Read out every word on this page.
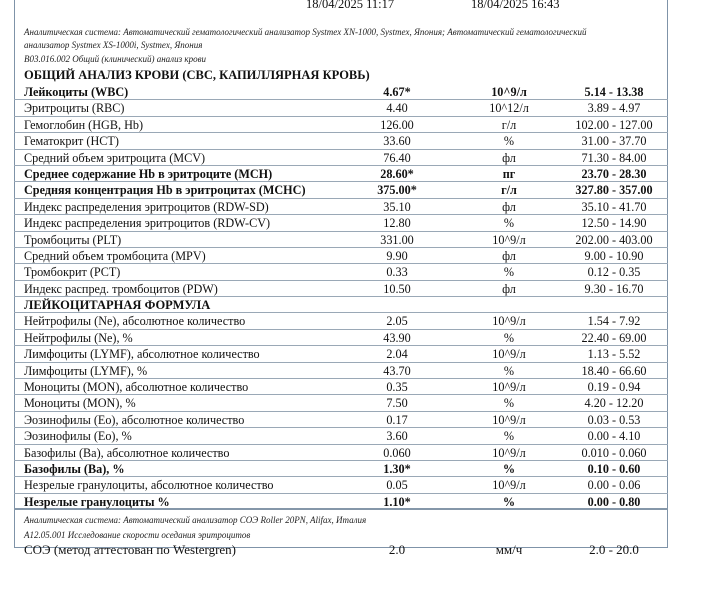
18/04/2025 11:17	18/04/2025 16:43
Аналитическая система: Автоматический гематологический анализатор Systmex XN-1000, Systmex, Япония; Автоматический гематологический
анализатор Systmex XS-1000i, Systmex, Япония
B03.016.002 Общий (клинический) анализ крови
ОБЩИЙ АНАЛИЗ КРОВИ (СВС, КАПИЛЛЯРНАЯ КРОВЬ)
Лейкоциты (WBC)	4.67*	10^9/л	5.14 - 13.38
Эритроциты (RBC)	4.40	10^12/л	3.89 - 4.97
Гемоглобин (HGB, Hb)	126.00	г/л	102.00 - 127.00
Гематокрит (HCT)	33.60	%	31.00 - 37.70
Средний объем эритроцита (MCV)	76.40	фл	71.30 - 84.00
Среднее содержание Hb в эритроците (MCH)	28.60*	пг	23.70 - 28.30
Средняя концентрация Hb в эритроцитах (MCHC)	375.00*	г/л	327.80 - 357.00
Индекс распределения эритроцитов (RDW-SD)	35.10	фл	35.10 - 41.70
Индекс распределения эритроцитов (RDW-CV)	12.80	%	12.50 - 14.90
Тромбоциты (PLT)	331.00	10^9/л	202.00 - 403.00
Средний объем тромбоцита (MPV)	9.90	фл	9.00 - 10.90
Тромбокрит (PCT)	0.33	%	0.12 - 0.35
Индекс распред. тромбоцитов (PDW)	10.50	фл	9.30 - 16.70
ЛЕЙКОЦИТАРНАЯ ФОРМУЛА
Нейтрофилы (Ne), абсолютное количество	2.05	10^9/л	1.54 - 7.92
Нейтрофилы (Ne), %	43.90	%	22.40 - 69.00
Лимфоциты (LYMF), абсолютное количество	2.04	10^9/л	1.13 - 5.52
Лимфоциты (LYMF), %	43.70	%	18.40 - 66.60
Моноциты (MON), абсолютное количество	0.35	10^9/л	0.19 - 0.94
Моноциты (MON), %	7.50	%	4.20 - 12.20
Эозинофилы (Eo), абсолютное количество	0.17	10^9/л	0.03 - 0.53
Эозинофилы (Eo), %	3.60	%	0.00 - 4.10
Базофилы (Ba), абсолютное количество	0.060	10^9/л	0.010 - 0.060
Базофилы (Ba), %	1.30*	%	0.10 - 0.60
Незрелые гранулоциты, абсолютное количество	0.05	10^9/л	0.00 - 0.06
Незрелые гранулоциты %	1.10*	%	0.00 - 0.80
Аналитическая система: Автоматический анализатор СОЭ Roller 20PN, Alifax, Италия
A12.05.001 Исследование скорости оседания эритроцитов
СОЭ (метод аттестован по Westergren)	2.0	мм/ч	2.0 - 20.0
